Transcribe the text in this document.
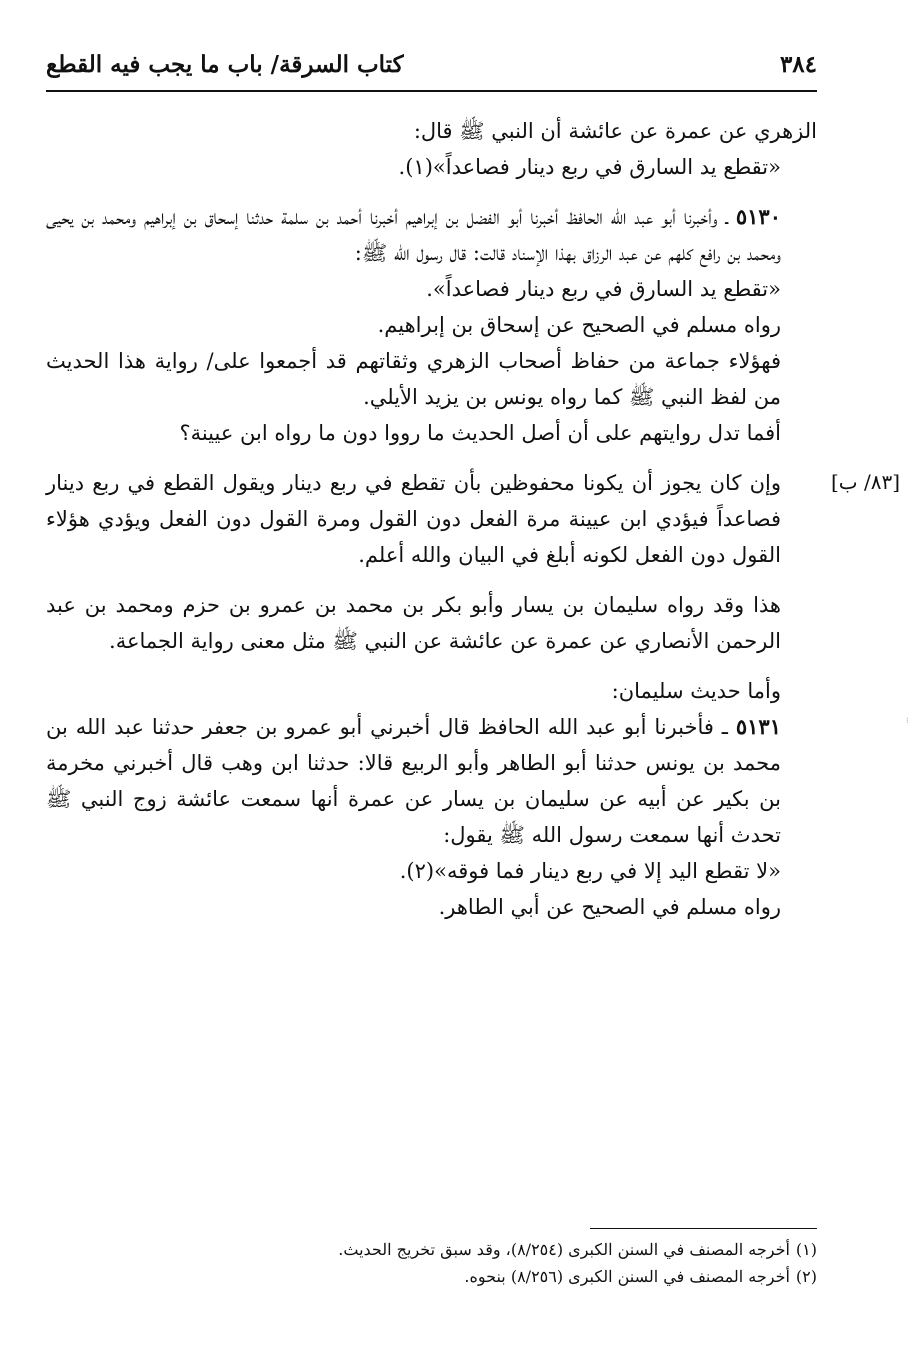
٣٨٤
كتاب السرقة/ باب ما يجب فيه القطع
[٨٣/ ب]

الزهري عن عمرة عن عائشة أن النبي ﷺ قال:

«تقطع يد السارق في ربع دينار فصاعداً»(١).

٥١٣٠ ـ وأخبرنا أبو عبد الله الحافظ أخبرنا أبو الفضل بن إبراهيم أخبرنا أحمد بن سلمة حدثنا إسحاق بن إبراهيم ومحمد بن يحيى ومحمد بن رافع كلهم عن عبد الرزاق بهذا الإسناد قالت: قال رسول الله ﷺ:

«تقطع يد السارق في ربع دينار فصاعداً».

رواه مسلم في الصحيح عن إسحاق بن إبراهيم.

فهؤلاء جماعة من حفاظ أصحاب الزهري وثقاتهم قد أجمعوا على/ رواية هذا الحديث من لفظ النبي ﷺ كما رواه يونس بن يزيد الأيلي.

أفما تدل روايتهم على أن أصل الحديث ما رووا دون ما رواه ابن عيينة؟

وإن كان يجوز أن يكونا محفوظين بأن تقطع في ربع دينار ويقول القطع في ربع دينار فصاعداً فيؤدي ابن عيينة مرة الفعل دون القول ومرة القول دون الفعل ويؤدي هؤلاء القول دون الفعل لكونه أبلغ في البيان والله أعلم.

هذا وقد رواه سليمان بن يسار وأبو بكر بن محمد بن عمرو بن حزم ومحمد بن عبد الرحمن الأنصاري عن عمرة عن عائشة عن النبي ﷺ مثل معنى رواية الجماعة.

وأما حديث سليمان:

٥١٣١ ـ فأخبرنا أبو عبد الله الحافظ قال أخبرني أبو عمرو بن جعفر حدثنا عبد الله بن محمد بن يونس حدثنا أبو الطاهر وأبو الربيع قالا: حدثنا ابن وهب قال أخبرني مخرمة بن بكير عن أبيه عن سليمان بن يسار عن عمرة أنها سمعت عائشة زوج النبي ﷺ تحدث أنها سمعت رسول الله ﷺ يقول:

«لا تقطع اليد إلا في ربع دينار فما فوقه»(٢).

رواه مسلم في الصحيح عن أبي الطاهر.

(١)أخرجه المصنف في السنن الكبرى (٨/٢٥٤)، وقد سبق تخريج الحديث.

(٢)أخرجه المصنف في السنن الكبرى (٨/٢٥٦) بنحوه.

⁝
